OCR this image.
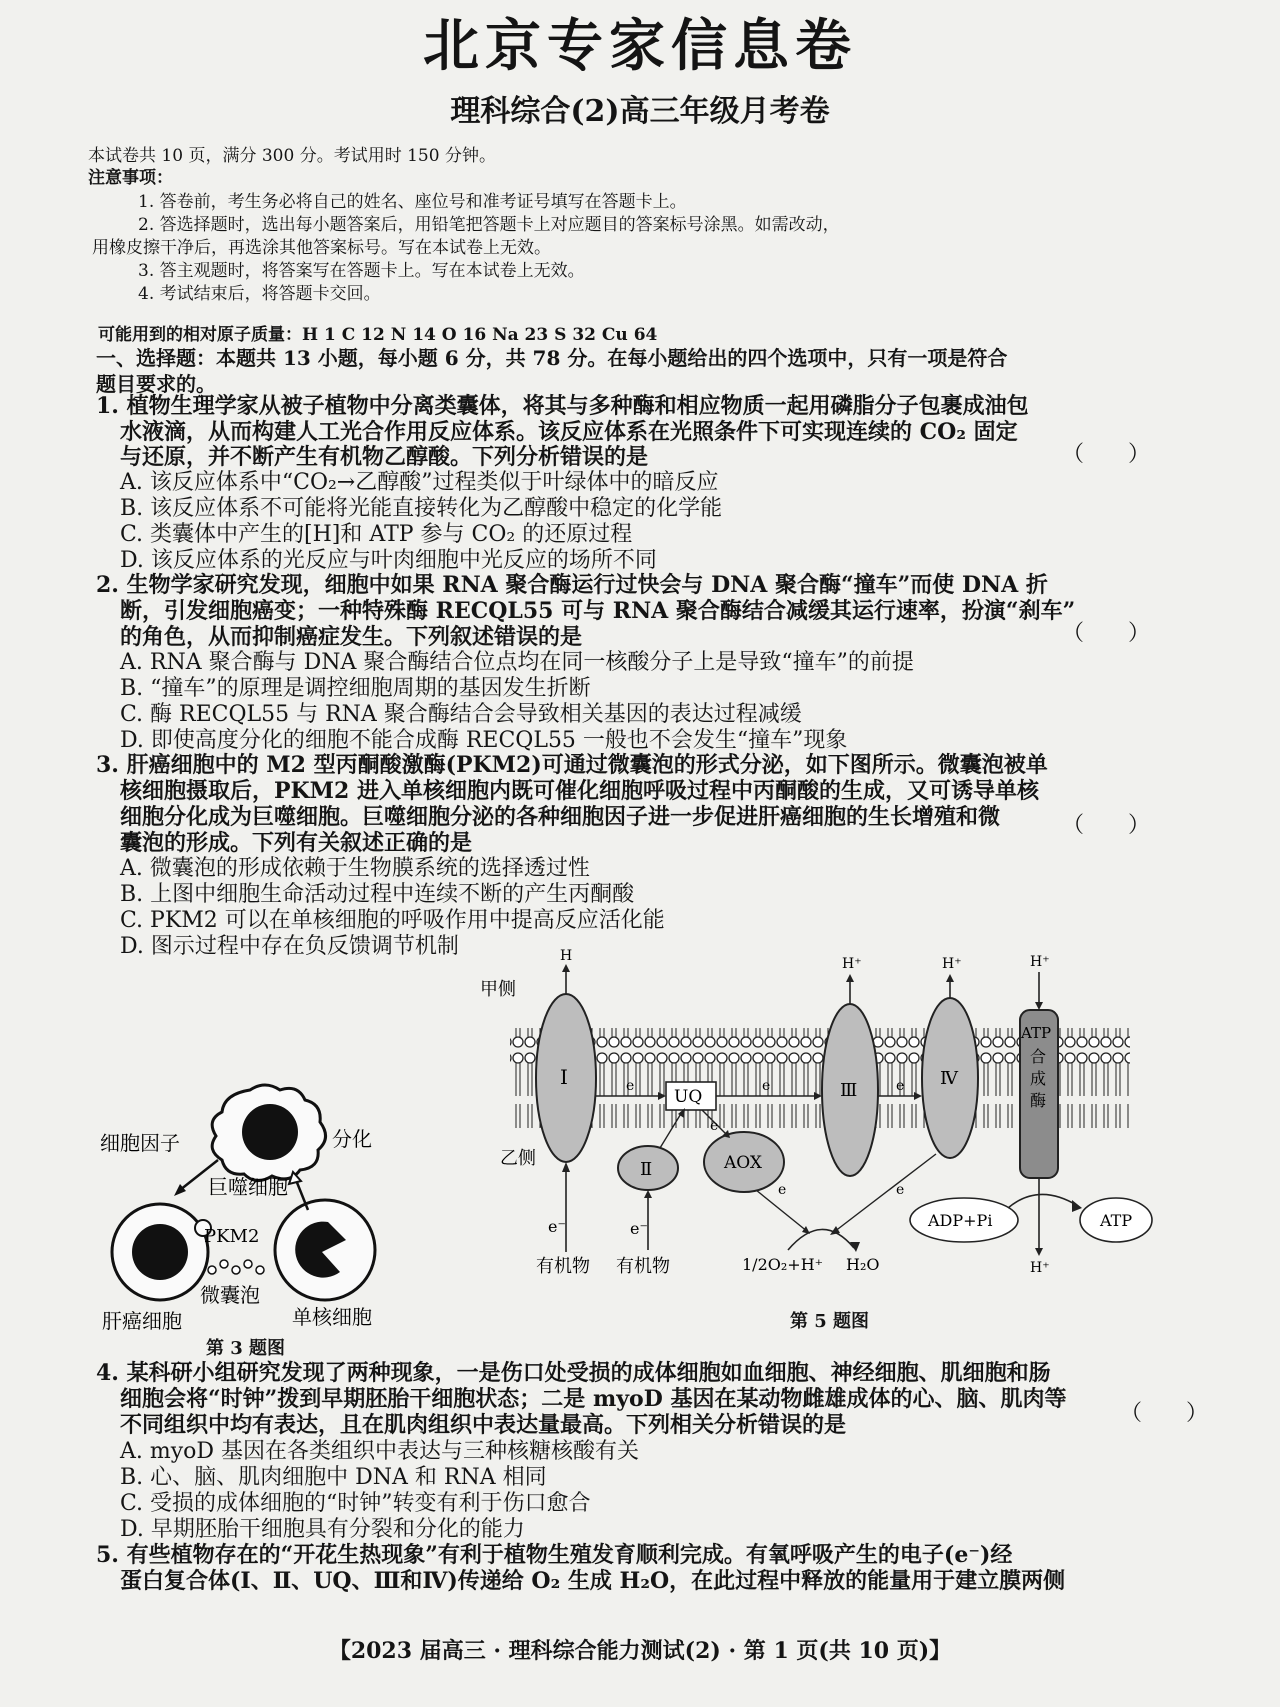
北京专家信息卷
理科综合(2)高三年级月考卷
本试卷共 10 页，满分 300 分。考试用时 150 分钟。
注意事项：
1. 答卷前，考生务必将自己的姓名、座位号和准考证号填写在答题卡上。
2. 答选择题时，选出每小题答案后，用铅笔把答题卡上对应题目的答案标号涂黑。如需改动，
用橡皮擦干净后，再选涂其他答案标号。写在本试卷上无效。
3. 答主观题时，将答案写在答题卡上。写在本试卷上无效。
4. 考试结束后，将答题卡交回。
可能用到的相对原子质量：H 1 C 12 N 14 O 16 Na 23 S 32 Cu 64
一、选择题：本题共 13 小题，每小题 6 分，共 78 分。在每小题给出的四个选项中，只有一项是符合
题目要求的。
1. 植物生理学家从被子植物中分离类囊体，将其与多种酶和相应物质一起用磷脂分子包裹成油包
水液滴，从而构建人工光合作用反应体系。该反应体系在光照条件下可实现连续的 CO₂ 固定
（　　）
与还原，并不断产生有机物乙醇酸。下列分析错误的是
A. 该反应体系中“CO₂→乙醇酸”过程类似于叶绿体中的暗反应
B. 该反应体系不可能将光能直接转化为乙醇酸中稳定的化学能
C. 类囊体中产生的[H]和 ATP 参与 CO₂ 的还原过程
D. 该反应体系的光反应与叶肉细胞中光反应的场所不同
2. 生物学家研究发现，细胞中如果 RNA 聚合酶运行过快会与 DNA 聚合酶“撞车”而使 DNA 折
断，引发细胞癌变；一种特殊酶 RECQL55 可与 RNA 聚合酶结合减缓其运行速率，扮演“刹车”
（　　）
的角色，从而抑制癌症发生。下列叙述错误的是
A. RNA 聚合酶与 DNA 聚合酶结合位点均在同一核酸分子上是导致“撞车”的前提
B. “撞车”的原理是调控细胞周期的基因发生折断
C. 酶 RECQL55 与 RNA 聚合酶结合会导致相关基因的表达过程减缓
D. 即使高度分化的细胞不能合成酶 RECQL55 一般也不会发生“撞车”现象
3. 肝癌细胞中的 M2 型丙酮酸激酶(PKM2)可通过微囊泡的形式分泌，如下图所示。微囊泡被单
核细胞摄取后，PKM2 进入单核细胞内既可催化细胞呼吸过程中丙酮酸的生成，又可诱导单核
细胞分化成为巨噬细胞。巨噬细胞分泌的各种细胞因子进一步促进肝癌细胞的生长增殖和微	（　　）
囊泡的形成。下列有关叙述正确的是
A. 微囊泡的形成依赖于生物膜系统的选择透过性
B. 上图中细胞生命活动过程中连续不断的产生丙酮酸
C. PKM2 可以在单核细胞的呼吸作用中提高反应活化能
D. 图示过程中存在负反馈调节机制
细胞因子	分化
巨噬细胞
PKM2
微囊泡
肝癌细胞	单核细胞
第 3 题图
甲侧
乙侧
Ⅰ
Ⅱ
UQ
AOX
Ⅲ
Ⅳ
ATP
合
成
酶
H	H⁺	H⁺	H⁺
H⁺
e	e	e
e
e	e
e⁻
有机物
e⁻
有机物	1/2O₂+H⁺ H₂O
ADP+Pi	ATP
第 5 题图
4. 某科研小组研究发现了两种现象，一是伤口处受损的成体细胞如血细胞、神经细胞、肌细胞和肠
细胞会将“时钟”拨到早期胚胎干细胞状态；二是 myoD 基因在某动物雌雄成体的心、脑、肌肉等
（　　）
不同组织中均有表达，且在肌肉组织中表达量最高。下列相关分析错误的是
A. myoD 基因在各类组织中表达与三种核糖核酸有关
B. 心、脑、肌肉细胞中 DNA 和 RNA 相同
C. 受损的成体细胞的“时钟”转变有利于伤口愈合
D. 早期胚胎干细胞具有分裂和分化的能力
5. 有些植物存在的“开花生热现象”有利于植物生殖发育顺利完成。有氧呼吸产生的电子(e⁻)经
蛋白复合体(Ⅰ、Ⅱ、UQ、Ⅲ和Ⅳ)传递给 O₂ 生成 H₂O，在此过程中释放的能量用于建立膜两侧
【2023 届高三 · 理科综合能力测试(2) · 第 1 页(共 10 页)】
